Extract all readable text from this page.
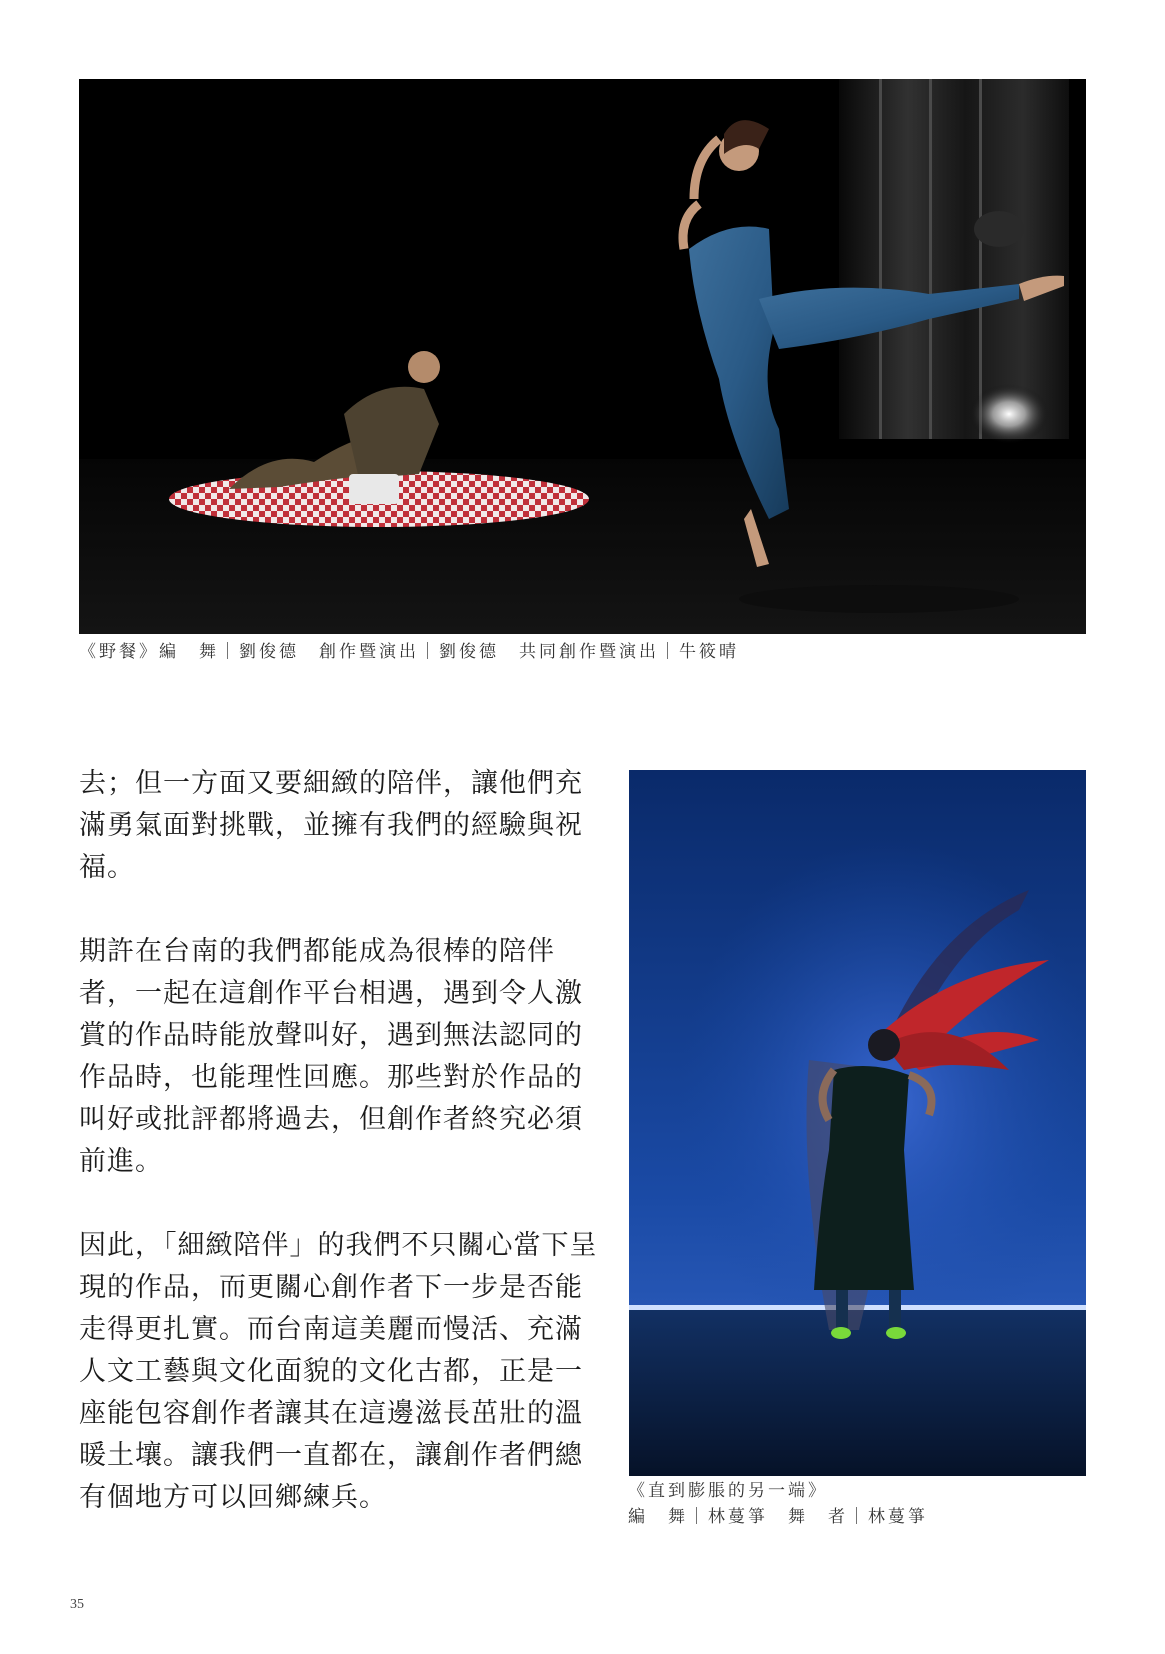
《野餐》編　舞｜劉俊德　創作暨演出｜劉俊德　共同創作暨演出｜牛筱晴

去；但一方面又要細緻的陪伴，讓他們充滿勇氣面對挑戰，並擁有我們的經驗與祝福。

期許在台南的我們都能成為很棒的陪伴者，一起在這創作平台相遇，遇到令人激賞的作品時能放聲叫好，遇到無法認同的作品時，也能理性回應。那些對於作品的叫好或批評都將過去，但創作者終究必須前進。

因此，「細緻陪伴」的我們不只關心當下呈現的作品，而更關心創作者下一步是否能走得更扎實。而台南這美麗而慢活、充滿人文工藝與文化面貌的文化古都，正是一座能包容創作者讓其在這邊滋長茁壯的溫暖土壤。讓我們一直都在，讓創作者們總有個地方可以回鄉練兵。	《直到膨脹的另一端》

編　舞｜林蔓箏　舞　者｜林蔓箏

35
